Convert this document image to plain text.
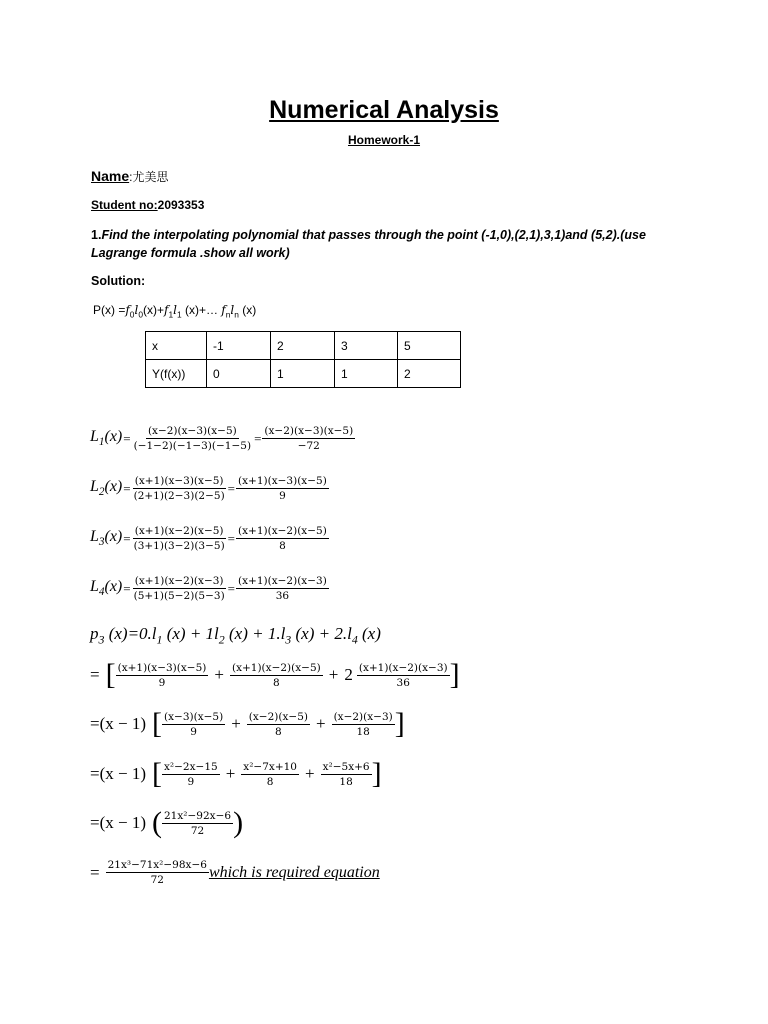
Numerical Analysis
Homework-1
Name:尤美思
Student no:2093353
1.Find the interpolating polynomial that passes through the point (-1,0),(2,1),3,1)and (5,2).(use Lagrange formula .show all work)
Solution:
$P(x) =f_0l_0(x)+f_1l_1$ (x)+… $f_nl_n$ (x)
x	-1	2	3	5
Y(f(x))	0	1	1	2
$L_1(x) = \frac{(x-2)(x-3)(x-5)}{(-1-2)(-1-3)(-1-5)} = \frac{(x-2)(x-3)(x-5)}{-72}$
$L_2(x) = \frac{(x+1)(x-3)(x-5)}{(2+1)(2-3)(2-5)} = \frac{(x+1)(x-3)(x-5)}{9}$
$L_3(x) = \frac{(x+1)(x-2)(x-5)}{(3+1)(3-2)(3-5)} = \frac{(x+1)(x-2)(x-5)}{8}$
$L_4(x) = \frac{(x+1)(x-2)(x-3)}{(5+1)(5-2)(5-3)} = \frac{(x+1)(x-2)(x-3)}{36}$
$p_3$ $(x)=0.l_1$ $(x) + 1l_2$ $(x) + 1.l_3$ $(x) + 2.l_4$ (x)
= [ $\frac{(x+1)(x-3)(x-5)}{9} + \frac{(x+1)(x-2)(x-5)}{8} + 2 \frac{(x+1)(x-2)(x-3)}{36}$ ]
=(x − 1) [ $\frac{(x-3)(x-5)}{9} + \frac{(x-2)(x-5)}{8} + \frac{(x-2)(x-3)}{18}$ ]
=(x − 1) [ $\frac{\text{x²−2x−15}}{9} + \frac{\text{x²−7x+10}}{8} + \frac{\text{x²−5x+6}}{18}$ ]
=(x − 1) ( $\frac{\text{21x²−92x−6}}{72}$ )
= $\frac{\text{21x³−71x²−98x−6}}{72}$ which is required equation
